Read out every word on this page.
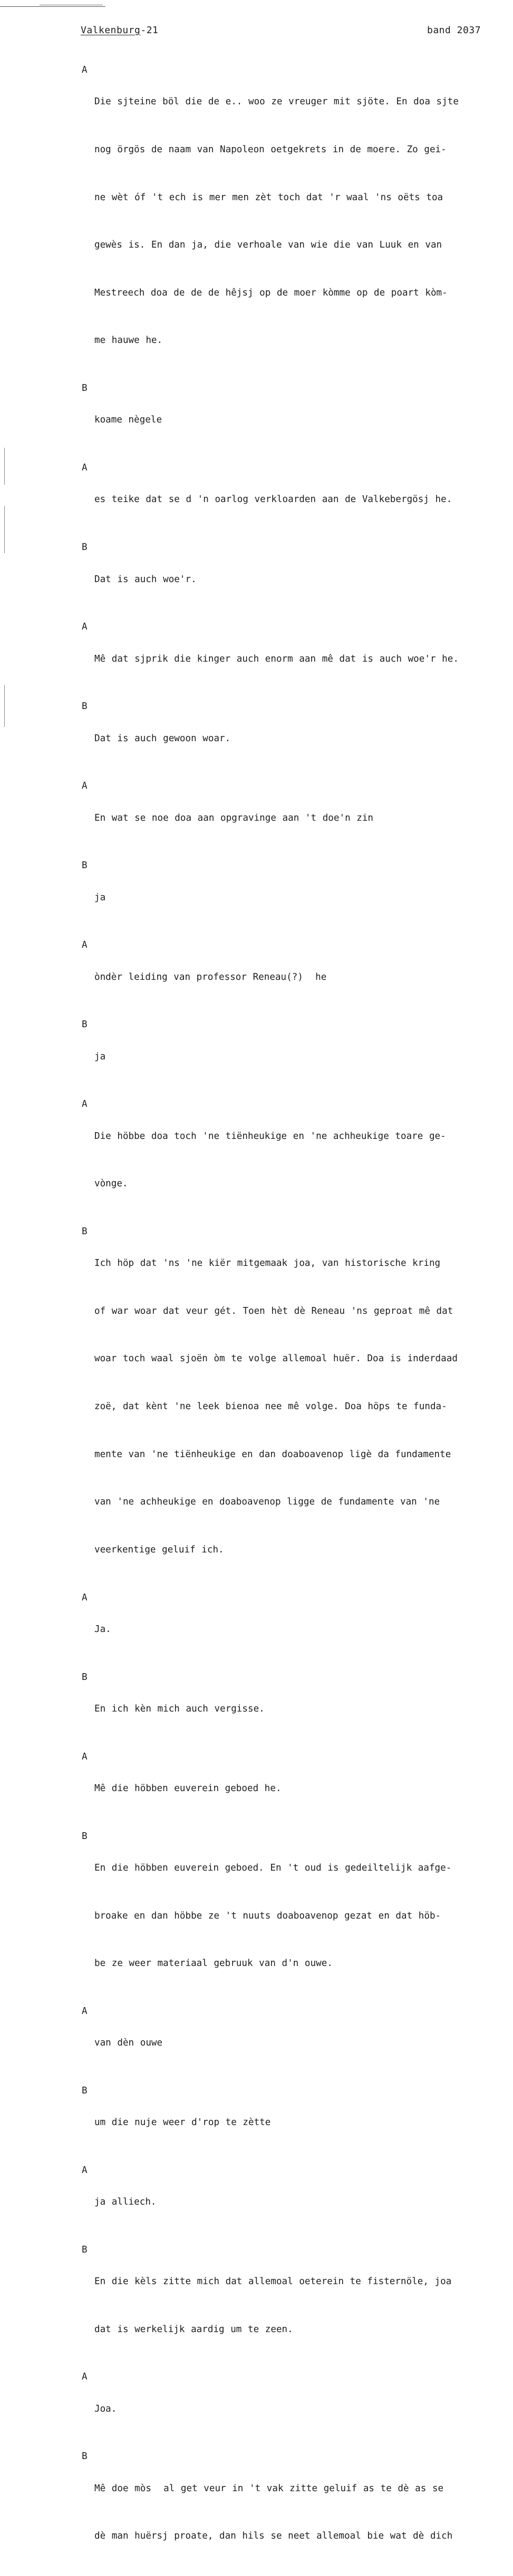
Valkenburg-21	band 2037
A

Die sjteine böl die de e.. woo ze vreuger mit sjöte. En doa sjte

nog örgös de naam van Napoleon oetgekrets in de moere. Zo gei-

ne wèt óf 't ech is mer men zèt toch dat 'r waal 'ns oëts toa

gewès is. En dan ja, die verhoale van wie die van Luuk en van

Mestreech doa de de de hêjsj op de moer kòmme op de poart kòm-

me hauwe he.

B

koame nègele

A

es teike dat se d 'n oarlog verkloarden aan de Valkebergösj he.

B

Dat is auch woe'r.

A

Mê dat sjprik die kinger auch enorm aan mê dat is auch woe'r he.

B

Dat is auch gewoon woar.

A

En wat se noe doa aan opgravinge aan 't doe'n zin

B

ja

A

òndèr leiding van professor Reneau(?)  he

B

ja

A

Die höbbe doa toch 'ne tiënheukige en 'ne achheukige toare ge-

vònge.

B

Ich höp dat 'ns 'ne kiër mitgemaak joa, van historische kring

of war woar dat veur gét. Toen hèt dè Reneau 'ns geproat mê dat

woar toch waal sjoën òm te volge allemoal huër. Doa is inderdaad

zoë, dat kènt 'ne leek bienoa nee mê volge. Doa höps te funda-

mente van 'ne tiënheukige en dan doaboavenop ligè da fundamente

van 'ne achheukige en doaboavenop ligge de fundamente van 'ne

veerkentige geluif ich.

A

Ja.

B

En ich kèn mich auch vergisse.

A

Mê die höbben euverein geboed he.

B

En die höbben euverein geboed. En 't oud is gedeiltelijk aafge-

broake en dan höbbe ze 't nuuts doaboavenop gezat en dat höb-

be ze weer materiaal gebruuk van d'n ouwe.

A

van dèn ouwe

B

um die nuje weer d'rop te zètte

A

ja alliech.

B

En die kèls zitte mich dat allemoal oeterein te fisternöle, joa

dat is werkelijk aardig um te zeen.

A

Joa.

B

Mê doe mòs  al get veur in 't vak zitte geluif as te dè as se

dè man huërsj proate, dan hils se neet allemoal bie wat dè dich
